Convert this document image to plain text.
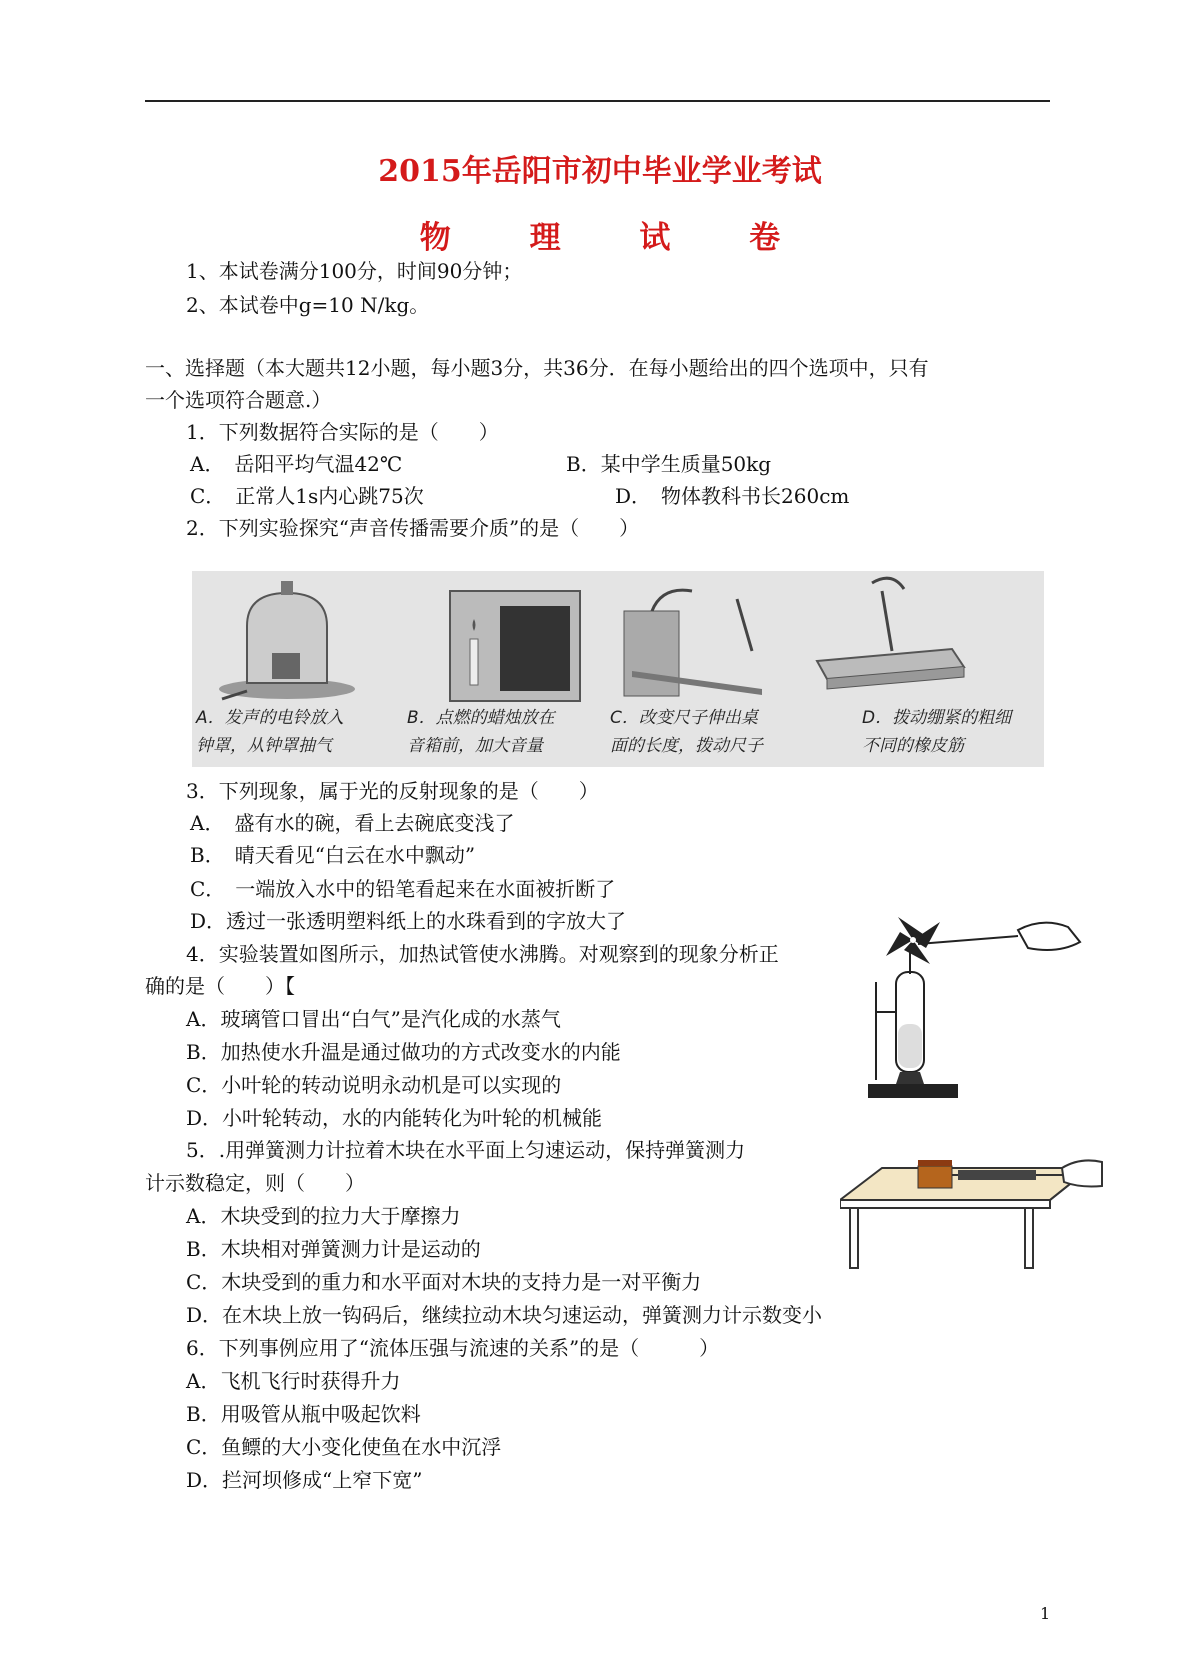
2015年岳阳市初中毕业学业考试
物 理 试 卷
1、本试卷满分100分，时间90分钟；
2、本试卷中g=10 N/kg。
一、选择题（本大题共12小题，每小题3分，共36分．在每小题给出的四个选项中，只有
一个选项符合题意.）
1．下列数据符合实际的是（　　）
A．　岳阳平均气温42℃	B．某中学生质量50kg
C．　正常人1s内心跳75次	D．　物体教科书长260cm
2．下列实验探究“声音传播需要介质”的是（　　）
A．发声的电铃放入
钟罩，从钟罩抽气
B．点燃的蜡烛放在
音箱前，加大音量
C．改变尺子伸出桌
面的长度，拨动尺子
D．拨动绷紧的粗细
不同的橡皮筋
3．下列现象，属于光的反射现象的是（　　）
A．　盛有水的碗，看上去碗底变浅了
B．　晴天看见“白云在水中飘动”
C．　一端放入水中的铅笔看起来在水面被折断了
D．透过一张透明塑料纸上的水珠看到的字放大了
4．实验装置如图所示，加热试管使水沸腾。对观察到的现象分析正
确的是（　　）【
A．玻璃管口冒出“白气”是汽化成的水蒸气
B．加热使水升温是通过做功的方式改变水的内能
C．小叶轮的转动说明永动机是可以实现的
D．小叶轮转动，水的内能转化为叶轮的机械能
5．.用弹簧测力计拉着木块在水平面上匀速运动，保持弹簧测力
计示数稳定，则（　　）
A．木块受到的拉力大于摩擦力
B．木块相对弹簧测力计是运动的
C．木块受到的重力和水平面对木块的支持力是一对平衡力
D．在木块上放一钩码后，继续拉动木块匀速运动，弹簧测力计示数变小
6．下列事例应用了“流体压强与流速的关系”的是（　　　）
A．飞机飞行时获得升力
B．用吸管从瓶中吸起饮料
C．鱼鳔的大小变化使鱼在水中沉浮
D．拦河坝修成“上窄下宽”
1
